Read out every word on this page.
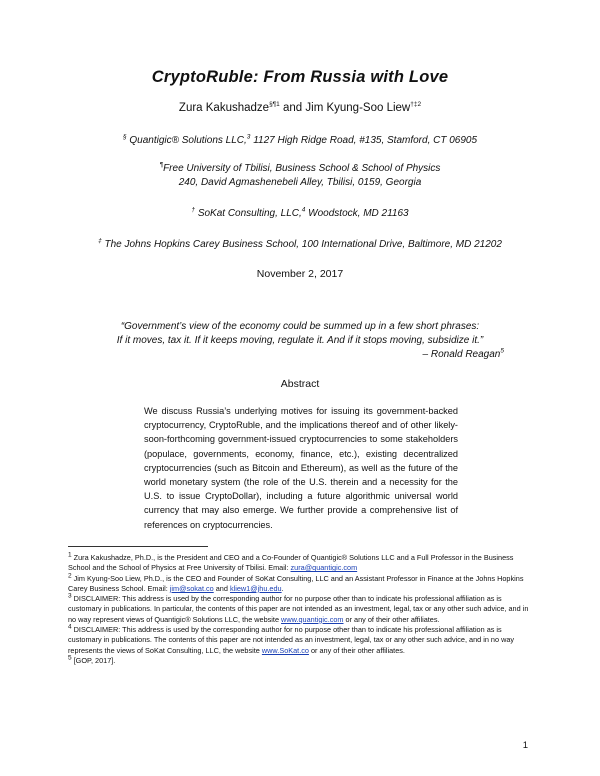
CryptoRuble: From Russia with Love
Zura Kakushadze$^{\S\P 1}$ and Jim Kyung-Soo Liew$^{\dagger\ddagger 2}$
§ Quantigic® Solutions LLC,$^3$ 1127 High Ridge Road, #135, Stamford, CT 06905
¶Free University of Tbilisi, Business School & School of Physics
240, David Agmashenebeli Alley, Tbilisi, 0159, Georgia
† SoKat Consulting, LLC,$^4$ Woodstock, MD 21163
‡ The Johns Hopkins Carey Business School, 100 International Drive, Baltimore, MD 21202
November 2, 2017
“Government’s view of the economy could be summed up in a few short phrases:
If it moves, tax it. If it keeps moving, regulate it. And if it stops moving, subsidize it.”
– Ronald Reagan$^5$
Abstract
We discuss Russia’s underlying motives for issuing its government-backed cryptocurrency, CryptoRuble, and the implications thereof and of other likely-soon-forthcoming government-issued cryptocurrencies to some stakeholders (populace, governments, economy, finance, etc.), existing decentralized cryptocurrencies (such as Bitcoin and Ethereum), as well as the future of the world monetary system (the role of the U.S. therein and a necessity for the U.S. to issue CryptoDollar), including a future algorithmic universal world currency that may also emerge. We further provide a comprehensive list of references on cryptocurrencies.

$^1$ Zura Kakushadze, Ph.D., is the President and CEO and a Co-Founder of Quantigic® Solutions LLC and a Full Professor in the Business School and the School of Physics at Free University of Tbilisi. Email: zura@quantigic.com

$^2$ Jim Kyung-Soo Liew, Ph.D., is the CEO and Founder of SoKat Consulting, LLC and an Assistant Professor in Finance at the Johns Hopkins Carey Business School. Email: jim@sokat.co and kliew1@jhu.edu.

$^3$ DISCLAIMER: This address is used by the corresponding author for no purpose other than to indicate his professional affiliation as is customary in publications. In particular, the contents of this paper are not intended as an investment, legal, tax or any other such advice, and in no way represent views of Quantigic® Solutions LLC, the website www.quantigic.com or any of their other affiliates.

$^4$ DISCLAIMER: This address is used by the corresponding author for no purpose other than to indicate his professional affiliation as is customary in publications. The contents of this paper are not intended as an investment, legal, tax or any other such advice, and in no way represents the views of SoKat Consulting, LLC, the website www.SoKat.co or any of their other affiliates.

$^5$ [GOP, 2017].

1
